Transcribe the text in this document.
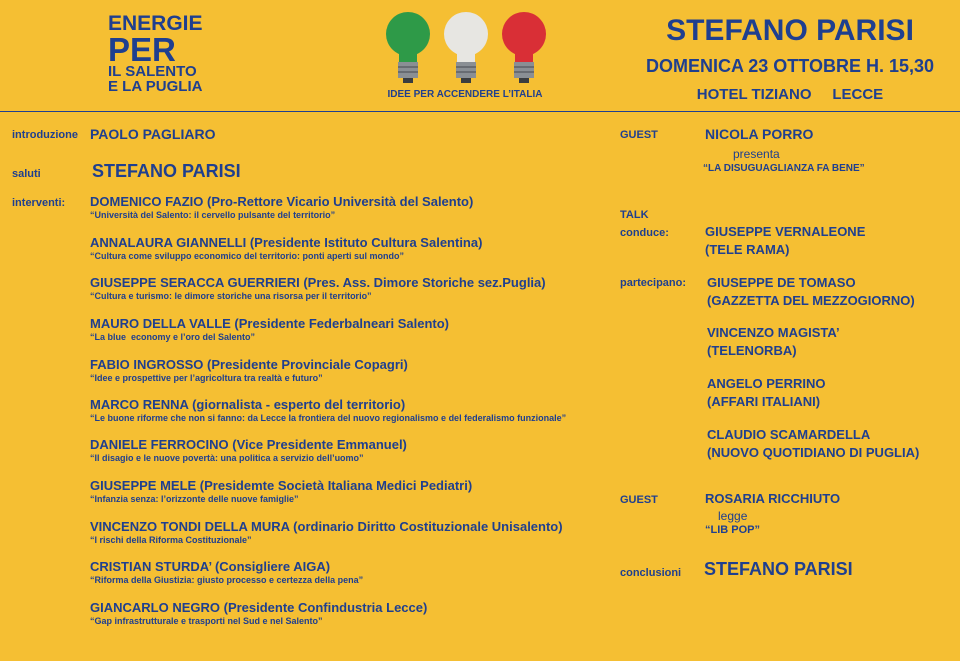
ENERGIE
PER
IL SALENTO
E LA PUGLIA	IDEE PER ACCENDERE L’ITALIA
STEFANO PARISI
DOMENICA 23 OTTOBRE H. 15,30
HOTEL TIZIANO     LECCE
introduzione PAOLO PAGLIARO
saluti	STEFANO PARISI
interventi: DOMENICO FAZIO (Pro-Rettore Vicario Università del Salento)
“Università del Salento: il cervello pulsante del territorio”
ANNALAURA GIANNELLI (Presidente Istituto Cultura Salentina)
“Cultura come sviluppo economico del territorio: ponti aperti sul mondo”
GIUSEPPE SERACCA GUERRIERI (Pres. Ass. Dimore Storiche sez.Puglia)
“Cultura e turismo: le dimore storiche una risorsa per il territorio”
MAURO DELLA VALLE (Presidente Federbalneari Salento)
“La blue  economy e l’oro del Salento”
FABIO INGROSSO (Presidente Provinciale Copagri)
“Idee e prospettive per l’agricoltura tra realtà e futuro”
MARCO RENNA (giornalista - esperto del territorio)
“Le buone riforme che non si fanno: da Lecce la frontiera del nuovo regionalismo e del federalismo funzionale”
DANIELE FERROCINO (Vice Presidente Emmanuel)
“Il disagio e le nuove povertà: una politica a servizio dell’uomo”
GIUSEPPE MELE (Presidemte Società Italiana Medici Pediatri)
“Infanzia senza: l’orizzonte delle nuove famiglie”
VINCENZO TONDI DELLA MURA (ordinario Diritto Costituzionale Unisalento)
“I rischi della Riforma Costituzionale”
CRISTIAN STURDA’ (Consigliere AIGA)
“Riforma della Giustizia: giusto processo e certezza della pena”
GIANCARLO NEGRO (Presidente Confindustria Lecce)
“Gap infrastrutturale e trasporti nel Sud e nel Salento”
GUEST	NICOLA PORRO
presenta
“LA DISUGUAGLIANZA FA BENE”
TALK
conduce:	GIUSEPPE VERNALEONE
(TELE RAMA)
partecipano: GIUSEPPE DE TOMASO
(GAZZETTA DEL MEZZOGIORNO)
VINCENZO MAGISTA’
(TELENORBA)
ANGELO PERRINO
(AFFARI ITALIANI)
CLAUDIO SCAMARDELLA
(NUOVO QUOTIDIANO DI PUGLIA)
GUEST	ROSARIA RICCHIUTO
legge
“LIB POP”
conclusioni STEFANO PARISI
